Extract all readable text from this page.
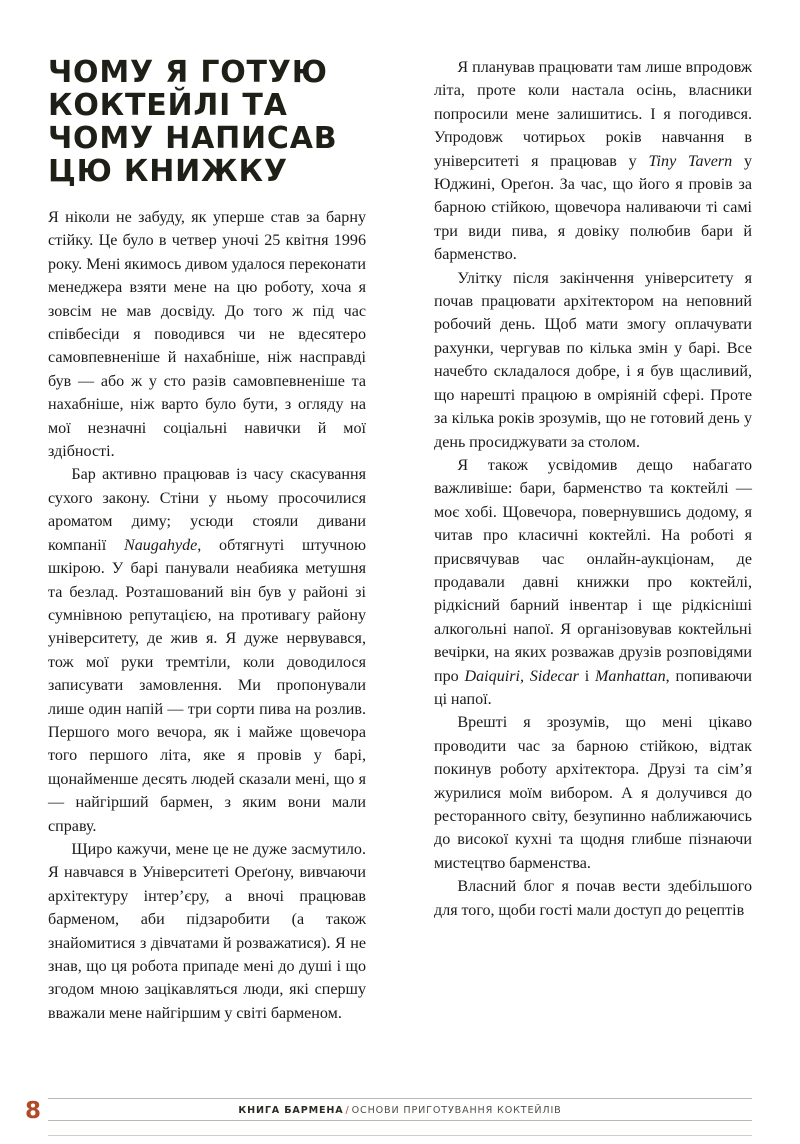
ЧОМУ Я ГОТУЮ КОКТЕЙЛІ ТА ЧОМУ НАПИСАВ ЦЮ КНИЖКУ

Я ніколи не забуду, як уперше став за барну стійку. Це було в четвер уночі 25 квітня 1996 року. Мені якимось дивом удалося переконати менеджера взяти мене на цю роботу, хоча я зовсім не мав досвіду. До того ж під час співбесіди я поводився чи не вдесятеро самовпевненіше й нахабніше, ніж насправді був — або ж у сто разів самовпевненіше та нахабніше, ніж варто було бути, з огляду на мої незначні соціальні навички й мої здібності.

Бар активно працював із часу скасування сухого закону. Стіни у ньому просочилися ароматом диму; усюди стояли дивани компанії Naugahyde, обтягнуті штучною шкірою. У барі панували неабияка метушня та безлад. Розташований він був у районі зі сумнівною репутацією, на противагу району університету, де жив я. Я дуже нервувався, тож мої руки тремтіли, коли доводилося записувати замовлення. Ми пропонували лише один напій — три сорти пива на розлив. Першого мого вечора, як і майже щовечора того першого літа, яке я провів у барі, щонайменше десять людей сказали мені, що я — найгірший бармен, з яким вони мали справу.

Щиро кажучи, мене це не дуже засмутило. Я навчався в Університеті Ореґону, вивчаючи архітектуру інтер’єру, а вночі працював барменом, аби підзаробити (а також знайомитися з дівчатами й розважатися). Я не знав, що ця робота припаде мені до душі і що згодом мною зацікавляться люди, які спершу вважали мене найгіршим у світі барменом.

Я планував працювати там лише впродовж літа, проте коли настала осінь, власники попросили мене залишитись. І я погодився. Упродовж чотирьох років навчання в університеті я працював у Tiny Tavern у Юджині, Ореґон. За час, що його я провів за барною стійкою, щовечора наливаючи ті самі три види пива, я довіку полюбив бари й барменство.

Улітку після закінчення університету я почав працювати архітектором на неповний робочий день. Щоб мати змогу оплачувати рахунки, чергував по кілька змін у барі. Все начебто складалося добре, і я був щасливий, що нарешті працюю в омріяній сфері. Проте за кілька років зрозумів, що не готовий день у день просиджувати за столом.

Я також усвідомив дещо набагато важливіше: бари, барменство та коктейлі — моє хобі. Щовечора, повернувшись додому, я читав про класичні коктейлі. На роботі я присвячував час онлайн-аукціонам, де продавали давні книжки про коктейлі, рідкісний барний інвентар і ще рідкісніші алкогольні напої. Я організовував коктейльні вечірки, на яких розважав друзів розповідями про Daiquiri, Sidecar і Manhattan, попиваючи ці напої.

Врешті я зрозумів, що мені цікаво проводити час за барною стійкою, відтак покинув роботу архітектора. Друзі та сім’я журилися моїм вибором. А я долучився до ресторанного світу, безупинно наближаючись до високої кухні та щодня глибше пізнаючи мистецтво барменства.

Власний блог я почав вести здебільшого для того, щоби гості мали доступ до рецептів

8	КНИГА БАРМЕНА / ОСНОВИ ПРИГОТУВАННЯ КОКТЕЙЛІВ
